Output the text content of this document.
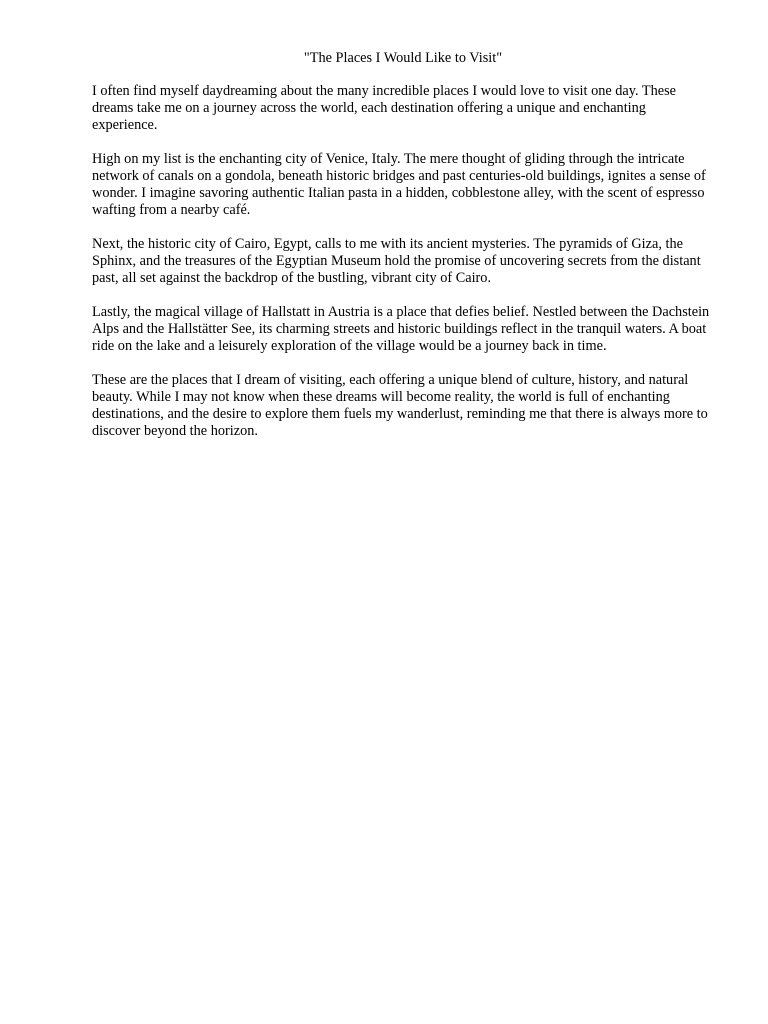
"The Places I Would Like to Visit"

I often find myself daydreaming about the many incredible places I would love to visit one day. These dreams take me on a journey across the world, each destination offering a unique and enchanting experience.

High on my list is the enchanting city of Venice, Italy. The mere thought of gliding through the intricate network of canals on a gondola, beneath historic bridges and past centuries-old buildings, ignites a sense of wonder. I imagine savoring authentic Italian pasta in a hidden, cobblestone alley, with the scent of espresso wafting from a nearby café.

Next, the historic city of Cairo, Egypt, calls to me with its ancient mysteries. The pyramids of Giza, the Sphinx, and the treasures of the Egyptian Museum hold the promise of uncovering secrets from the distant past, all set against the backdrop of the bustling, vibrant city of Cairo.

Lastly, the magical village of Hallstatt in Austria is a place that defies belief. Nestled between the Dachstein Alps and the Hallstätter See, its charming streets and historic buildings reflect in the tranquil waters. A boat ride on the lake and a leisurely exploration of the village would be a journey back in time.

These are the places that I dream of visiting, each offering a unique blend of culture, history, and natural beauty. While I may not know when these dreams will become reality, the world is full of enchanting destinations, and the desire to explore them fuels my wanderlust, reminding me that there is always more to discover beyond the horizon.
